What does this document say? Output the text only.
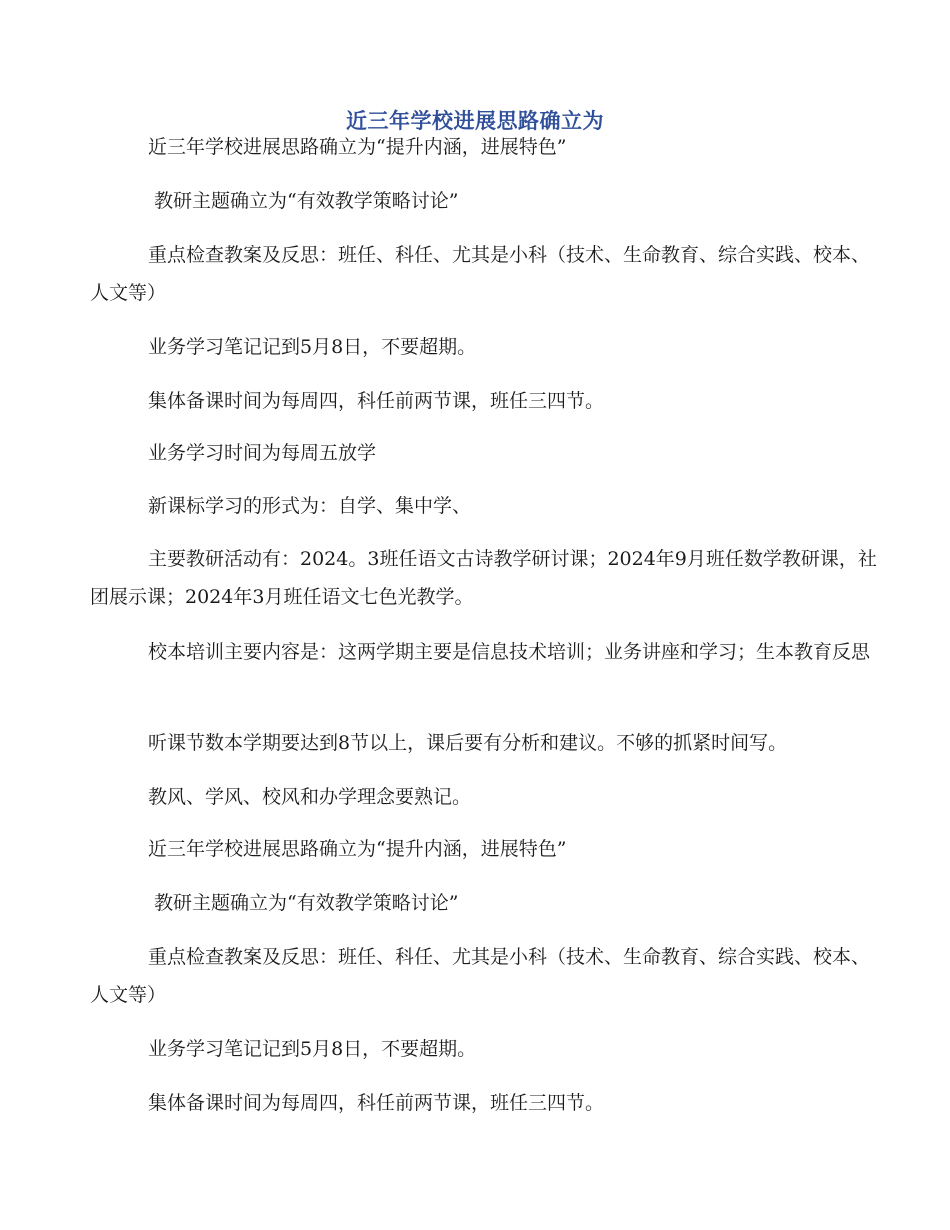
近三年学校进展思路确立为
近三年学校进展思路确立为“提升内涵，进展特色”
教研主题确立为“有效教学策略讨论”
重点检查教案及反思：班任、科任、尤其是小科（技术、生命教育、综合实践、校本、人文等）
业务学习笔记记到5月8日，不要超期。
集体备课时间为每周四，科任前两节课，班任三四节。
业务学习时间为每周五放学
新课标学习的形式为：自学、集中学、
主要教研活动有：2024。3班任语文古诗教学研讨课；2024年9月班任数学教研课，社团展示课；2024年3月班任语文七色光教学。
校本培训主要内容是：这两学期主要是信息技术培训；业务讲座和学习；生本教育反思
听课节数本学期要达到8节以上，课后要有分析和建议。不够的抓紧时间写。
教风、学风、校风和办学理念要熟记。
近三年学校进展思路确立为“提升内涵，进展特色”
教研主题确立为“有效教学策略讨论”
重点检查教案及反思：班任、科任、尤其是小科（技术、生命教育、综合实践、校本、人文等）
业务学习笔记记到5月8日，不要超期。
集体备课时间为每周四，科任前两节课，班任三四节。
